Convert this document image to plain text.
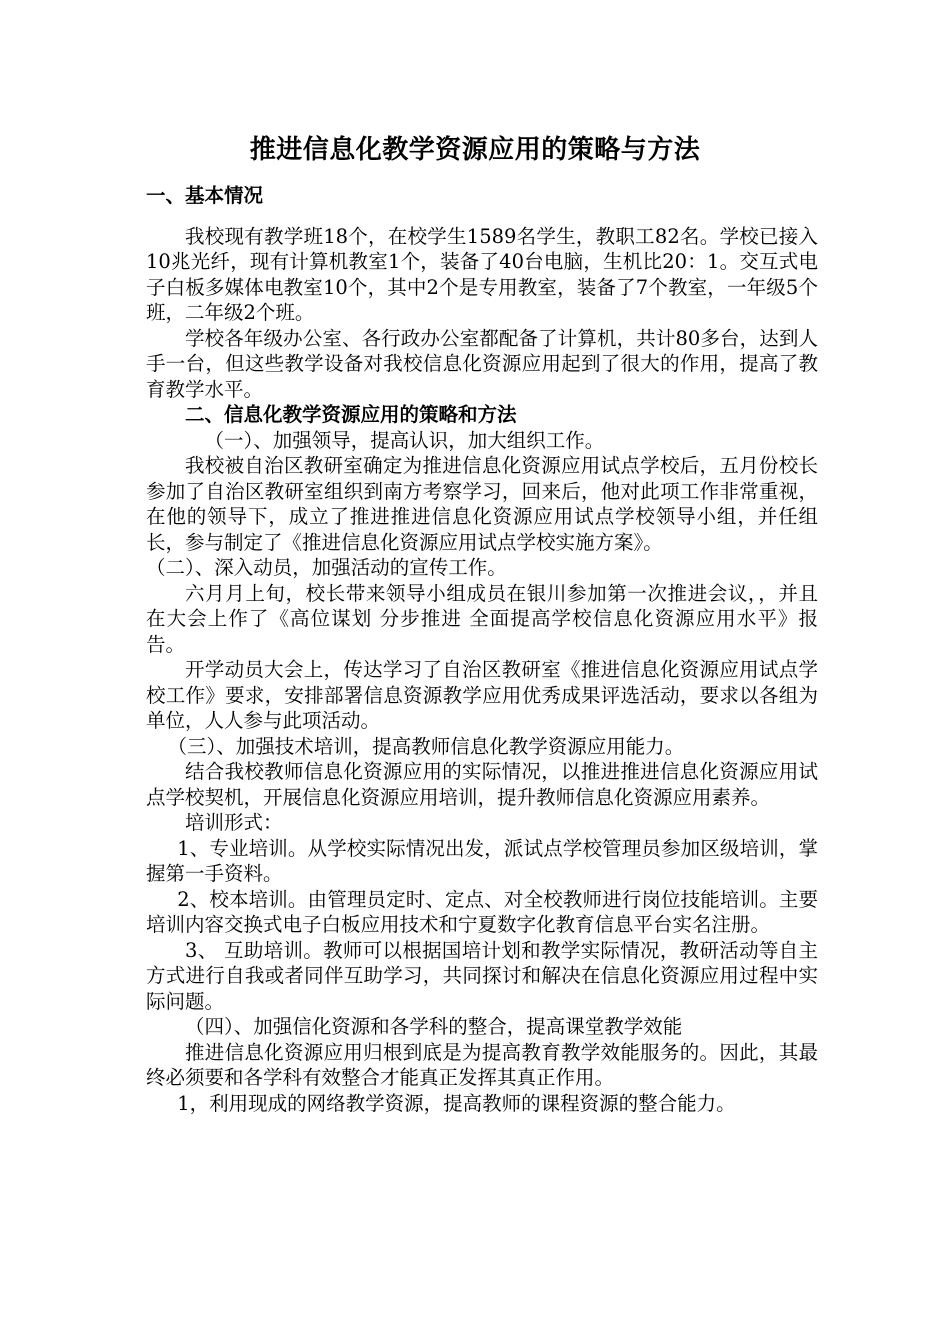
推进信息化教学资源应用的策略与方法

一、基本情况

我校现有教学班18个，在校学生1589名学生，教职工82名。学校已接入10兆光纤，现有计算机教室1个，装备了40台电脑，生机比20：1。交互式电子白板多媒体电教室10个，其中2个是专用教室，装备了7个教室，一年级5个班，二年级2个班。

学校各年级办公室、各行政办公室都配备了计算机，共计80多台，达到人手一台，但这些教学设备对我校信息化资源应用起到了很大的作用，提高了教育教学水平。

二、信息化教学资源应用的策略和方法

（一）、加强领导，提高认识，加大组织工作。

我校被自治区教研室确定为推进信息化资源应用试点学校后，五月份校长参加了自治区教研室组织到南方考察学习，回来后，他对此项工作非常重视，在他的领导下，成立了推进推进信息化资源应用试点学校领导小组，并任组长，参与制定了《推进信息化资源应用试点学校实施方案》。

（二）、深入动员，加强活动的宣传工作。

六月月上旬，校长带来领导小组成员在银川参加第一次推进会议，，并且在大会上作了《高位谋划 分步推进 全面提高学校信息化资源应用水平》报告。

开学动员大会上，传达学习了自治区教研室《推进信息化资源应用试点学校工作》要求，安排部署信息资源教学应用优秀成果评选活动，要求以各组为单位，人人参与此项活动。

（三）、加强技术培训，提高教师信息化教学资源应用能力。

结合我校教师信息化资源应用的实际情况，以推进推进信息化资源应用试点学校契机，开展信息化资源应用培训，提升教师信息化资源应用素养。

培训形式：

1、专业培训。从学校实际情况出发，派试点学校管理员参加区级培训，掌握第一手资料。

2、校本培训。由管理员定时、定点、对全校教师进行岗位技能培训。主要培训内容交换式电子白板应用技术和宁夏数字化教育信息平台实名注册。

3、 互助培训。教师可以根据国培计划和教学实际情况，教研活动等自主方式进行自我或者同伴互助学习，共同探讨和解决在信息化资源应用过程中实际问题。

（四）、加强信化资源和各学科的整合，提高课堂教学效能

推进信息化资源应用归根到底是为提高教育教学效能服务的。因此，其最终必须要和各学科有效整合才能真正发挥其真正作用。

1，利用现成的网络教学资源，提高教师的课程资源的整合能力。
